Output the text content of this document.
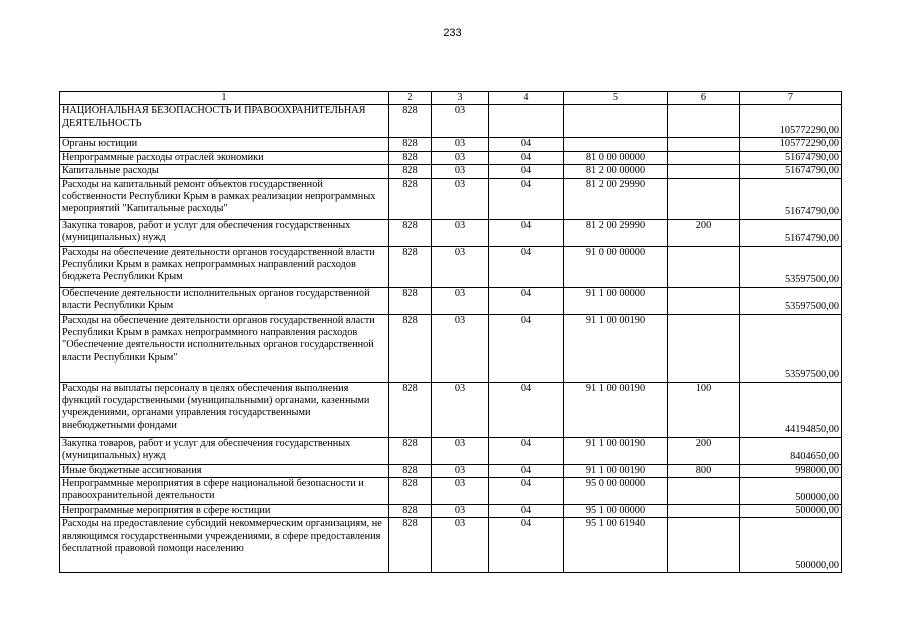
233
1	2	3	4	5	6	7
НАЦИОНАЛЬНАЯ БЕЗОПАСНОСТЬ И ПРАВООХРАНИТЕЛЬНАЯ ДЕЯТЕЛЬНОСТЬ	828	03				105772290,00
Органы юстиции	828	03	04			105772290,00
Непрограммные расходы отраслей экономики	828	03	04	81 0 00 00000		51674790,00
Капитальные расходы	828	03	04	81 2 00 00000		51674790,00
Расходы на капитальный ремонт объектов государственной собственности Республики Крым в рамках реализации непрограммных мероприятий "Капитальные расходы"	828	03	04	81 2 00 29990		51674790,00
Закупка товаров, работ и услуг для обеспечения государственных (муниципальных) нужд	828	03	04	81 2 00 29990	200	51674790,00
Расходы на обеспечение деятельности органов государственной власти Республики Крым в рамках непрограммных направлений расходов бюджета Республики Крым	828	03	04	91 0 00 00000		53597500,00
Обеспечение деятельности исполнительных органов государственной власти Республики Крым	828	03	04	91 1 00 00000		53597500,00
Расходы на обеспечение деятельности органов государственной власти Республики Крым в рамках непрограммного направления расходов "Обеспечение деятельности исполнительных органов государственной власти Республики Крым"	828	03	04	91 1 00 00190		53597500,00
Расходы на выплаты персоналу в целях обеспечения выполнения функций государственными (муниципальными) органами, казенными учреждениями, органами управления государственными внебюджетными фондами	828	03	04	91 1 00 00190	100	44194850,00
Закупка товаров, работ и услуг для обеспечения государственных (муниципальных) нужд	828	03	04	91 1 00 00190	200	8404650,00
Иные бюджетные ассигнования	828	03	04	91 1 00 00190	800	998000,00
Непрограммные мероприятия в сфере национальной безопасности и правоохранительной деятельности	828	03	04	95 0 00 00000		500000,00
Непрограммные мероприятия в сфере юстиции	828	03	04	95 1 00 00000		500000,00
Расходы на предоставление субсидий некоммерческим организациям, не являющимся государственными учреждениями, в сфере предоставления бесплатной правовой помощи населению	828	03	04	95 1 00 61940		500000,00
